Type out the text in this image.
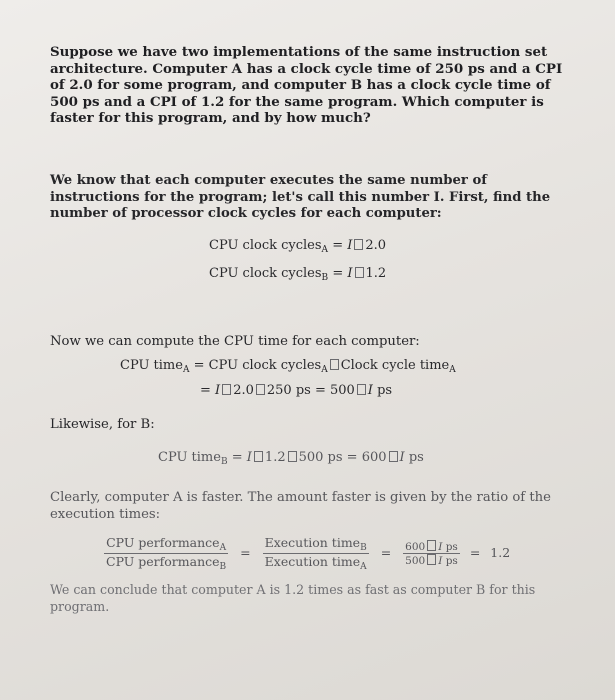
Suppose we have two implementations of the same instruction set architecture. Computer A has a clock cycle time of 250 ps and a CPI of 2.0 for some program, and computer B has a clock cycle time of 500 ps and a CPI of 1.2 for the same program. Which computer is faster for this program, and by how much?
We know that each computer executes the same number of instructions for the program; let's call this number I. First, find the number of processor clock cycles for each computer:
CPU clock cycles$_A$ = I 2.0
CPU clock cycles$_B$ = I 1.2
Now we can compute the CPU time for each computer:
CPU time$_A$ = CPU clock cycles$_A$ Clock cycle time$_A$
= I 2.0 250 ps = 500 I ps
Likewise, for B:
CPU time$_B$ = I 1.2 500 ps = 600 I ps
Clearly, computer A is faster. The amount faster is given by the ratio of the execution times:
$\frac{CPU performance_A}{CPU performance_B} = \frac{Execution time_B}{Execution time_A} = \frac{\text{600 I ps}}{\text{500 I ps}} = 1.2$
We can conclude that computer A is 1.2 times as fast as computer B for this program.
